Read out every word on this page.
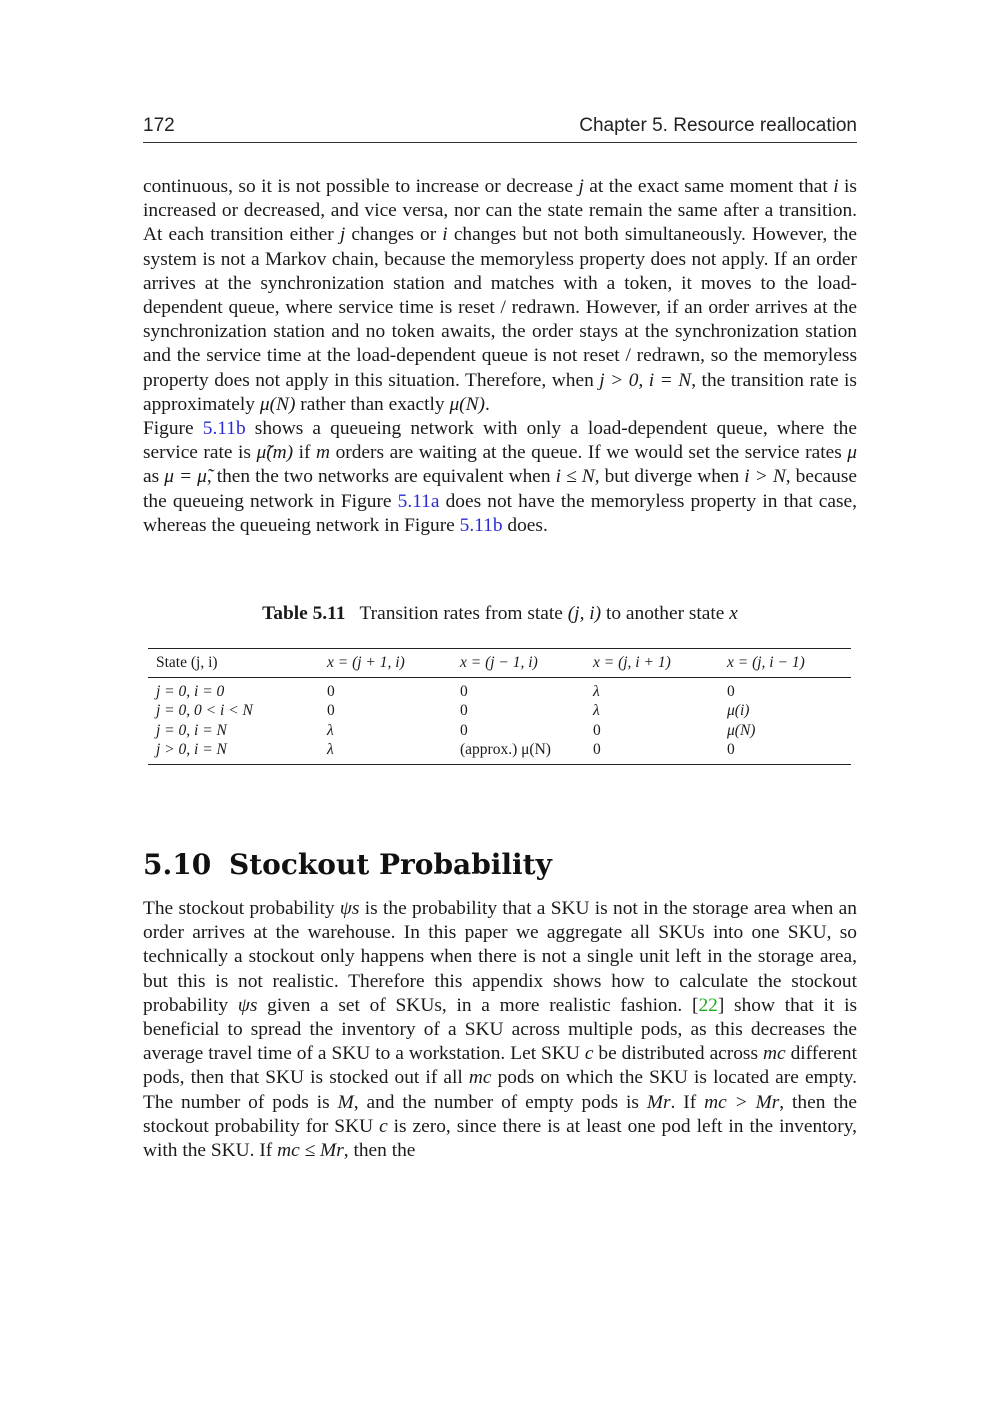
172	Chapter 5. Resource reallocation

continuous, so it is not possible to increase or decrease j at the exact same moment that i is increased or decreased, and vice versa, nor can the state remain the same after a transition. At each transition either j changes or i changes but not both simultaneously. However, the system is not a Markov chain, because the memoryless property does not apply. If an order arrives at the synchronization station and matches with a token, it moves to the load-dependent queue, where service time is reset / redrawn. However, if an order arrives at the synchronization station and no token awaits, the order stays at the synchronization station and the service time at the load-dependent queue is not reset / redrawn, so the memoryless property does not apply in this situation. Therefore, when j > 0, i = N, the transition rate is approximately μ(N) rather than exactly μ(N).

Figure 5.11b shows a queueing network with only a load-dependent queue, where the service rate is μ̃(m) if m orders are waiting at the queue. If we would set the service rates μ as μ = μ̃, then the two networks are equivalent when i ≤ N, but diverge when i > N, because the queueing network in Figure 5.11a does not have the memoryless property in that case, whereas the queueing network in Figure 5.11b does.

Table 5.11 Transition rates from state (j, i) to another state x
State (j, i)	x = (j + 1, i)	x = (j − 1, i)	x = (j, i + 1)	x = (j, i − 1)
j = 0, i = 0	0	0	λ	0
j = 0, 0 < i < N	0	0	λ	μ(i)
j = 0, i = N	λ	0	0	μ(N)
j > 0, i = N	λ	(approx.) μ(N)	0	0
5.10 Stockout Probability

The stockout probability ψs is the probability that a SKU is not in the storage area when an order arrives at the warehouse. In this paper we aggregate all SKUs into one SKU, so technically a stockout only happens when there is not a single unit left in the storage area, but this is not realistic. Therefore this appendix shows how to calculate the stockout probability ψs given a set of SKUs, in a more realistic fashion. [22] show that it is beneficial to spread the inventory of a SKU across multiple pods, as this decreases the average travel time of a SKU to a workstation. Let SKU c be distributed across mc different pods, then that SKU is stocked out if all mc pods on which the SKU is located are empty. The number of pods is M, and the number of empty pods is Mr. If mc > Mr, then the stockout probability for SKU c is zero, since there is at least one pod left in the inventory, with the SKU. If mc ≤ Mr, then the
